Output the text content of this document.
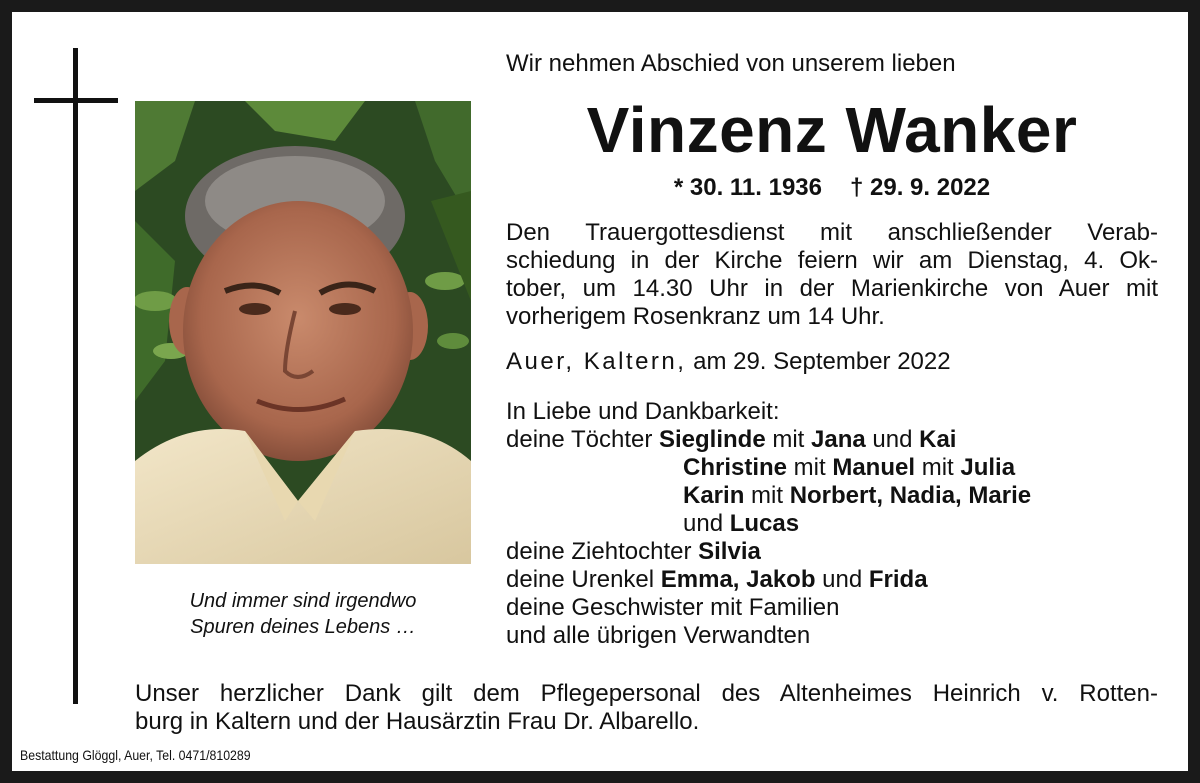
Und immer sind irgendwo
Spuren deines Lebens …
Wir nehmen Abschied von unserem lieben
Vinzenz Wanker
* 30. 11. 1936 † 29. 9. 2022
Den Trauergottesdienst mit anschließender Verab-
schiedung in der Kirche feiern wir am Dienstag, 4. Ok-
tober, um 14.30 Uhr in der Marienkirche von Auer mit
vorherigem Rosenkranz um 14 Uhr.
Auer, Kaltern, am 29. September 2022
In Liebe und Dankbarkeit:
deine Töchter Sieglinde mit Jana und Kai
Christine mit Manuel mit Julia
Karin mit Norbert, Nadia, Marie
und Lucas
deine Ziehtochter Silvia
deine Urenkel Emma, Jakob und Frida
deine Geschwister mit Familien
und alle übrigen Verwandten
Unser herzlicher Dank gilt dem Pflegepersonal des Altenheimes Heinrich v. Rotten-
burg in Kaltern und der Hausärztin Frau Dr. Albarello.
Bestattung Glöggl, Auer, Tel. 0471/810289
